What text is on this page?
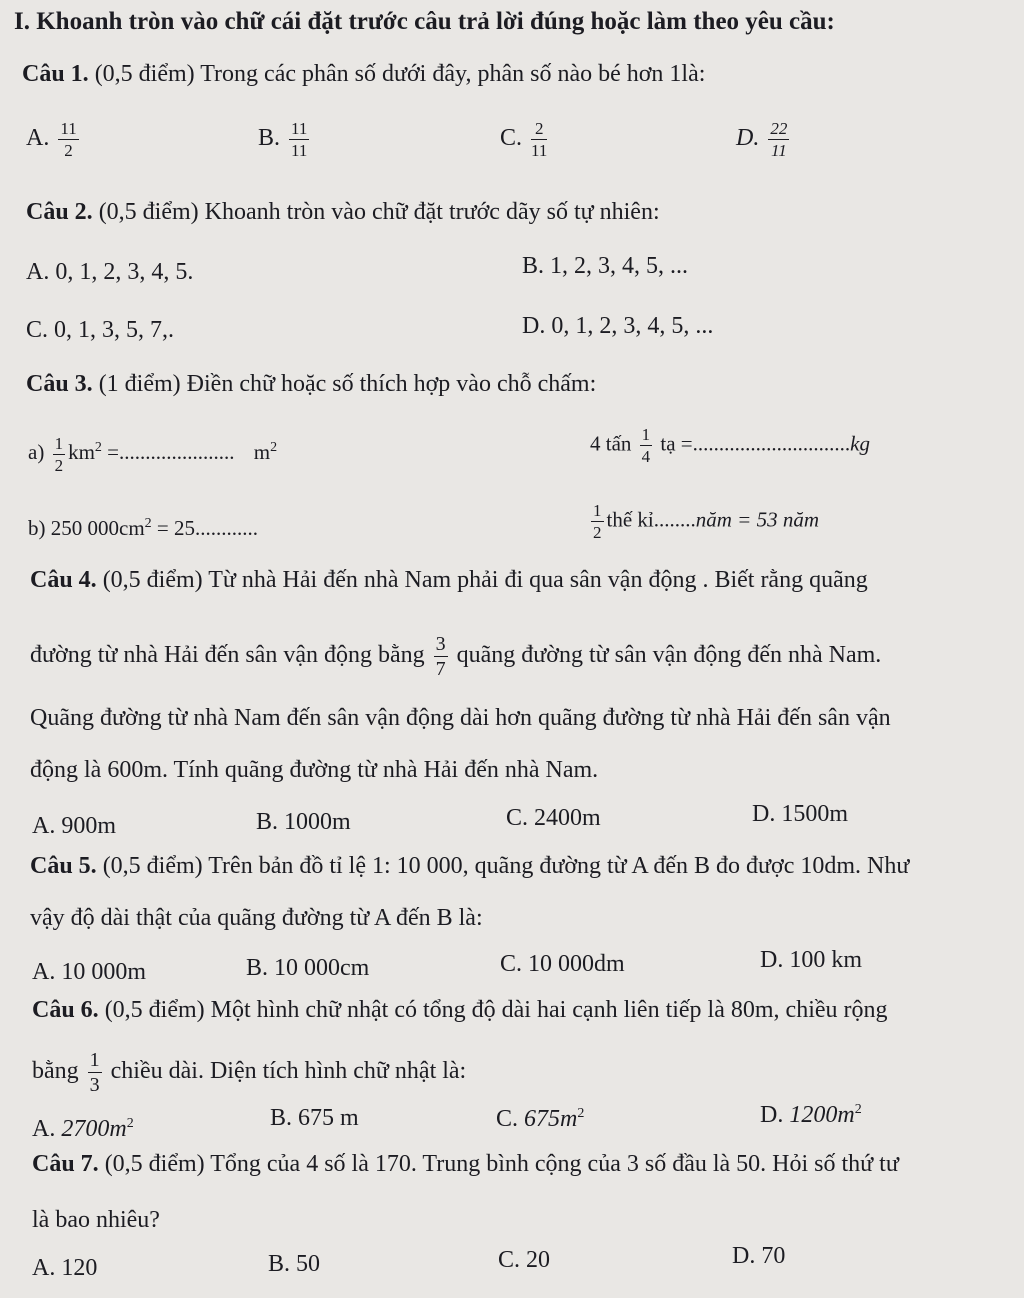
I. Khoanh tròn vào chữ cái đặt trước câu trả lời đúng hoặc làm theo yêu cầu:
Câu 1. (0,5 điểm) Trong các phân số dưới đây, phân số nào bé hơn 1là:
A. $\frac{11}{2}$	B. $\frac{11}{11}$	C. $\frac{2}{11}$	D. $\frac{22}{11}$
Câu 2. (0,5 điểm) Khoanh tròn vào chữ đặt trước dãy số tự nhiên:
A. 0, 1, 2, 3, 4, 5.	B. 1, 2, 3, 4, 5, ...
C. 0, 1, 3, 5, 7,.	D. 0, 1, 2, 3, 4, 5, ...
Câu 3. (1 điểm) Điền chữ hoặc số thích hợp vào chỗ chấm:
$a) \frac{1}{2} km^2$ =...................... $m^2$	4 tấn $\frac{1}{4}$ tạ =..............................kg
b) 250 $000cm^2 = 25$............	$\frac{1}{2}$ thế kỉ........năm = 53 năm
Câu 4. (0,5 điểm) Từ nhà Hải đến nhà Nam phải đi qua sân vận động . Biết rằng quãng
đường từ nhà Hải đến sân vận động bằng $\frac{3}{7}$ quãng đường từ sân vận động đến nhà Nam.
Quãng đường từ nhà Nam đến sân vận động dài hơn quãng đường từ nhà Hải đến sân vận
động là 600m. Tính quãng đường từ nhà Hải đến nhà Nam.
A. 900m	B. 1000m	C. 2400m	D. 1500m
Câu 5. (0,5 điểm) Trên bản đồ tỉ lệ 1: 10 000, quãng đường từ A đến B đo được 10dm. Như
vậy độ dài thật của quãng đường từ A đến B là:
A. 10 000m	B. 10 000cm	C. 10 000dm	D. 100 km
Câu 6. (0,5 điểm) Một hình chữ nhật có tổng độ dài hai cạnh liên tiếp là 80m, chiều rộng
bằng $\frac{1}{3}$ chiều dài. Diện tích hình chữ nhật là:
A. $2700m^2$	B. 675 m	C. $675m^2$	D. $1200m^2$
Câu 7. (0,5 điểm) Tổng của 4 số là 170. Trung bình cộng của 3 số đầu là 50. Hỏi số thứ tư
là bao nhiêu?
A. 120	B. 50	C. 20	D. 70
